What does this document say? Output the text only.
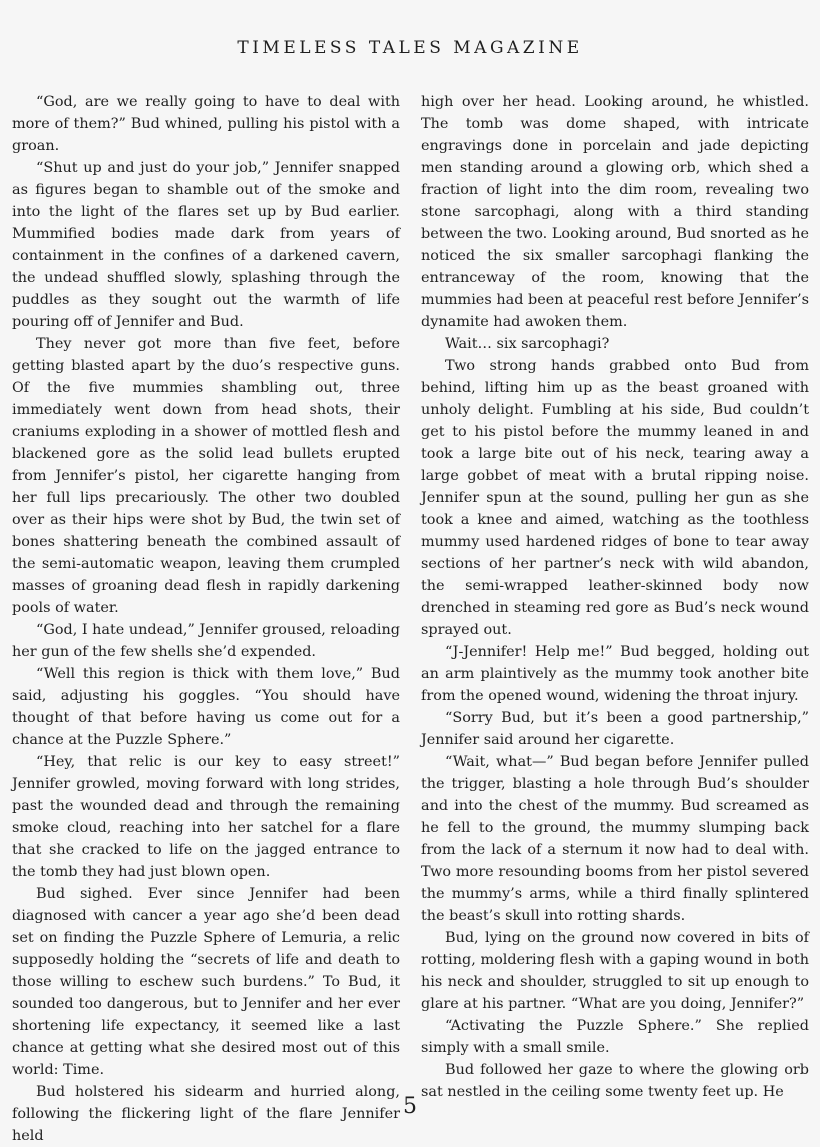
TIMELESS TALES MAGAZINE

“God, are we really going to have to deal with more of them?” Bud whined, pulling his pistol with a groan.

“Shut up and just do your job,” Jennifer snapped as figures began to shamble out of the smoke and into the light of the flares set up by Bud earlier. Mummified bodies made dark from years of containment in the confines of a darkened cavern, the undead shuffled slowly, splashing through the puddles as they sought out the warmth of life pouring off of Jennifer and Bud.

They never got more than five feet, before getting blasted apart by the duo’s respective guns. Of the five mummies shambling out, three immediately went down from head shots, their craniums exploding in a shower of mottled flesh and blackened gore as the solid lead bullets erupted from Jennifer’s pistol, her cigarette hanging from her full lips precariously. The other two doubled over as their hips were shot by Bud, the twin set of bones shattering beneath the combined assault of the semi-automatic weapon, leaving them crumpled masses of groaning dead flesh in rapidly darkening pools of water.

“God, I hate undead,” Jennifer groused, reloading her gun of the few shells she’d expended.

“Well this region is thick with them love,” Bud said, adjusting his goggles. “You should have thought of that before having us come out for a chance at the Puzzle Sphere.”

“Hey, that relic is our key to easy street!” Jennifer growled, moving forward with long strides, past the wounded dead and through the remaining smoke cloud, reaching into her satchel for a flare that she cracked to life on the jagged entrance to the tomb they had just blown open.

Bud sighed. Ever since Jennifer had been diagnosed with cancer a year ago she’d been dead set on finding the Puzzle Sphere of Lemuria, a relic supposedly holding the “secrets of life and death to those willing to eschew such burdens.” To Bud, it sounded too dangerous, but to Jennifer and her ever shortening life expectancy, it seemed like a last chance at getting what she desired most out of this world: Time.

Bud holstered his sidearm and hurried along, following the flickering light of the flare Jennifer held

high over her head. Looking around, he whistled. The tomb was dome shaped, with intricate engravings done in porcelain and jade depicting men standing around a glowing orb, which shed a fraction of light into the dim room, revealing two stone sarcophagi, along with a third standing between the two. Looking around, Bud snorted as he noticed the six smaller sarcophagi flanking the entranceway of the room, knowing that the mummies had been at peaceful rest before Jennifer’s dynamite had awoken them.

Wait… six sarcophagi?

Two strong hands grabbed onto Bud from behind, lifting him up as the beast groaned with unholy delight. Fumbling at his side, Bud couldn’t get to his pistol before the mummy leaned in and took a large bite out of his neck, tearing away a large gobbet of meat with a brutal ripping noise. Jennifer spun at the sound, pulling her gun as she took a knee and aimed, watching as the toothless mummy used hardened ridges of bone to tear away sections of her partner’s neck with wild abandon, the semi-wrapped leather-skinned body now drenched in steaming red gore as Bud’s neck wound sprayed out.

“J-Jennifer! Help me!” Bud begged, holding out an arm plaintively as the mummy took another bite from the opened wound, widening the throat injury.

“Sorry Bud, but it’s been a good partnership,” Jennifer said around her cigarette.

“Wait, what—” Bud began before Jennifer pulled the trigger, blasting a hole through Bud’s shoulder and into the chest of the mummy. Bud screamed as he fell to the ground, the mummy slumping back from the lack of a sternum it now had to deal with. Two more resounding booms from her pistol severed the mummy’s arms, while a third finally splintered the beast’s skull into rotting shards.

Bud, lying on the ground now covered in bits of rotting, moldering flesh with a gaping wound in both his neck and shoulder, struggled to sit up enough to glare at his partner. “What are you doing, Jennifer?”

“Activating the Puzzle Sphere.” She replied simply with a small smile.

Bud followed her gaze to where the glowing orb sat nestled in the ceiling some twenty feet up. He

5
